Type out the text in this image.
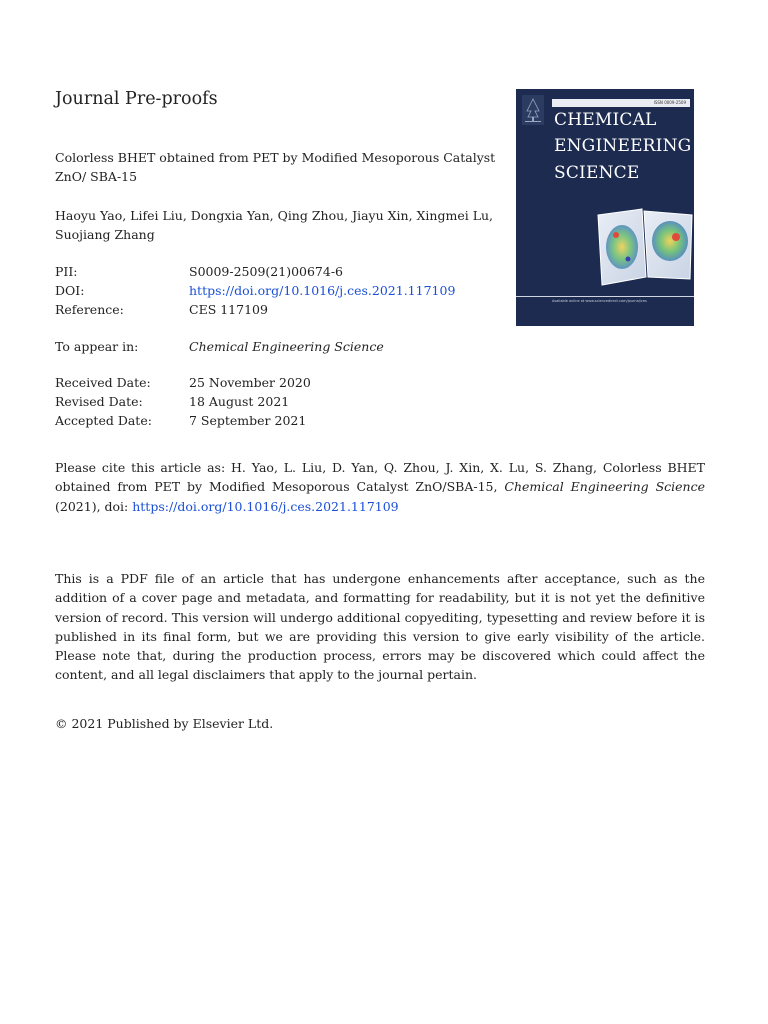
Journal Pre-proofs
Colorless BHET obtained from PET by Modified Mesoporous Catalyst ZnO/ SBA-15
Haoyu Yao, Lifei Liu, Dongxia Yan, Qing Zhou, Jiayu Xin, Xingmei Lu, Suojiang Zhang
PII:	S0009-2509(21)00674-6
DOI:	https://doi.org/10.1016/j.ces.2021.117109
Reference:	CES 117109
To appear in:	Chemical Engineering Science
Received Date:	25 November 2020
Revised Date:	18 August 2021
Accepted Date:	7 September 2021
Please cite this article as: H. Yao, L. Liu, D. Yan, Q. Zhou, J. Xin, X. Lu, S. Zhang, Colorless BHET obtained from PET by Modified Mesoporous Catalyst ZnO/SBA-15, Chemical Engineering Science (2021), doi: https://doi.org/10.1016/j.ces.2021.117109
This is a PDF file of an article that has undergone enhancements after acceptance, such as the addition of a cover page and metadata, and formatting for readability, but it is not yet the definitive version of record. This version will undergo additional copyediting, typesetting and review before it is published in its final form, but we are providing this version to give early visibility of the article. Please note that, during the production process, errors may be discovered which could affect the content, and all legal disclaimers that apply to the journal pertain.
© 2021 Published by Elsevier Ltd.
ISSN 0009-2509
CHEMICAL
ENGINEERING
SCIENCE
Available online at www.sciencedirect.com/journal/ces
